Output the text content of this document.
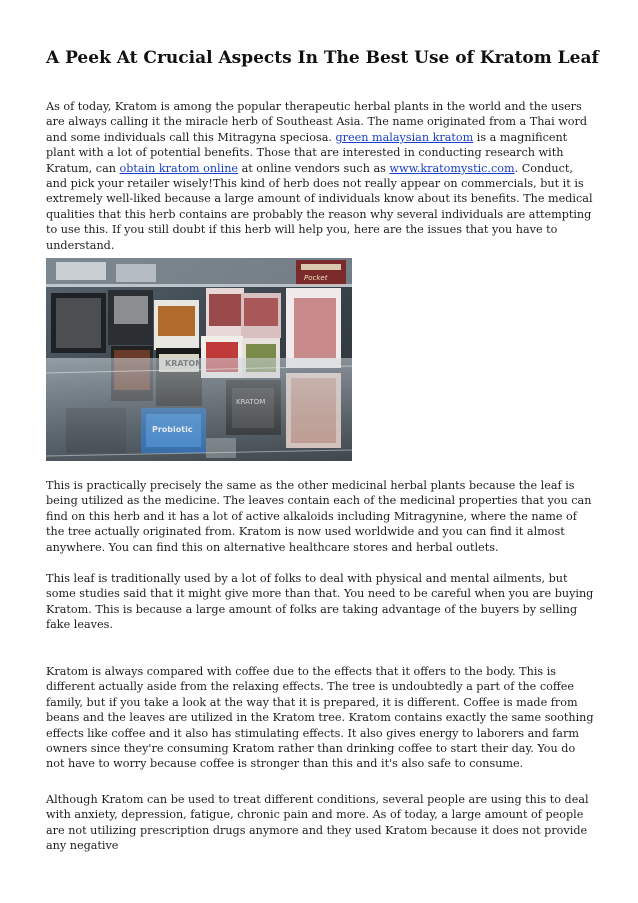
A Peek At Crucial Aspects In The Best Use of Kratom Leaf

As of today, Kratom is among the popular therapeutic herbal plants in the world and the users are always calling it the miracle herb of Southeast Asia. The name originated from a Thai word and some individuals call this Mitragyna speciosa. green malaysian kratom is a magnificent plant with a lot of potential benefits. Those that are interested in conducting research with Kratum, can obtain kratom online at online vendors such as www.kratomystic.com. Conduct, and pick your retailer wisely!This kind of herb does not really appear on commercials, but it is extremely well-liked because a large amount of individuals know about its benefits. The medical qualities that this herb contains are probably the reason why several individuals are attempting to use this. If you still doubt if this herb will help you, here are the issues that you have to understand.

Pocket

This is practically precisely the same as the other medicinal herbal plants because the leaf is being utilized as the medicine. The leaves contain each of the medicinal properties that you can find on this herb and it has a lot of active alkaloids including Mitragynine, where the name of the tree actually originated from. Kratom is now used worldwide and you can find it almost anywhere. You can find this on alternative healthcare stores and herbal outlets.

This leaf is traditionally used by a lot of folks to deal with physical and mental ailments, but some studies said that it might give more than that. You need to be careful when you are buying Kratom. This is because a large amount of folks are taking advantage of the buyers by selling fake leaves.

Kratom is always compared with coffee due to the effects that it offers to the body. This is different actually aside from the relaxing effects. The tree is undoubtedly a part of the coffee family, but if you take a look at the way that it is prepared, it is different. Coffee is made from beans and the leaves are utilized in the Kratom tree. Kratom contains exactly the same soothing effects like coffee and it also has stimulating effects. It also gives energy to laborers and farm owners since they're consuming Kratom rather than drinking coffee to start their day. You do not have to worry because coffee is stronger than this and it's also safe to consume.

Although Kratom can be used to treat different conditions, several people are using this to deal with anxiety, depression, fatigue, chronic pain and more. As of today, a large amount of people are not utilizing prescription drugs anymore and they used Kratom because it does not provide any negative
